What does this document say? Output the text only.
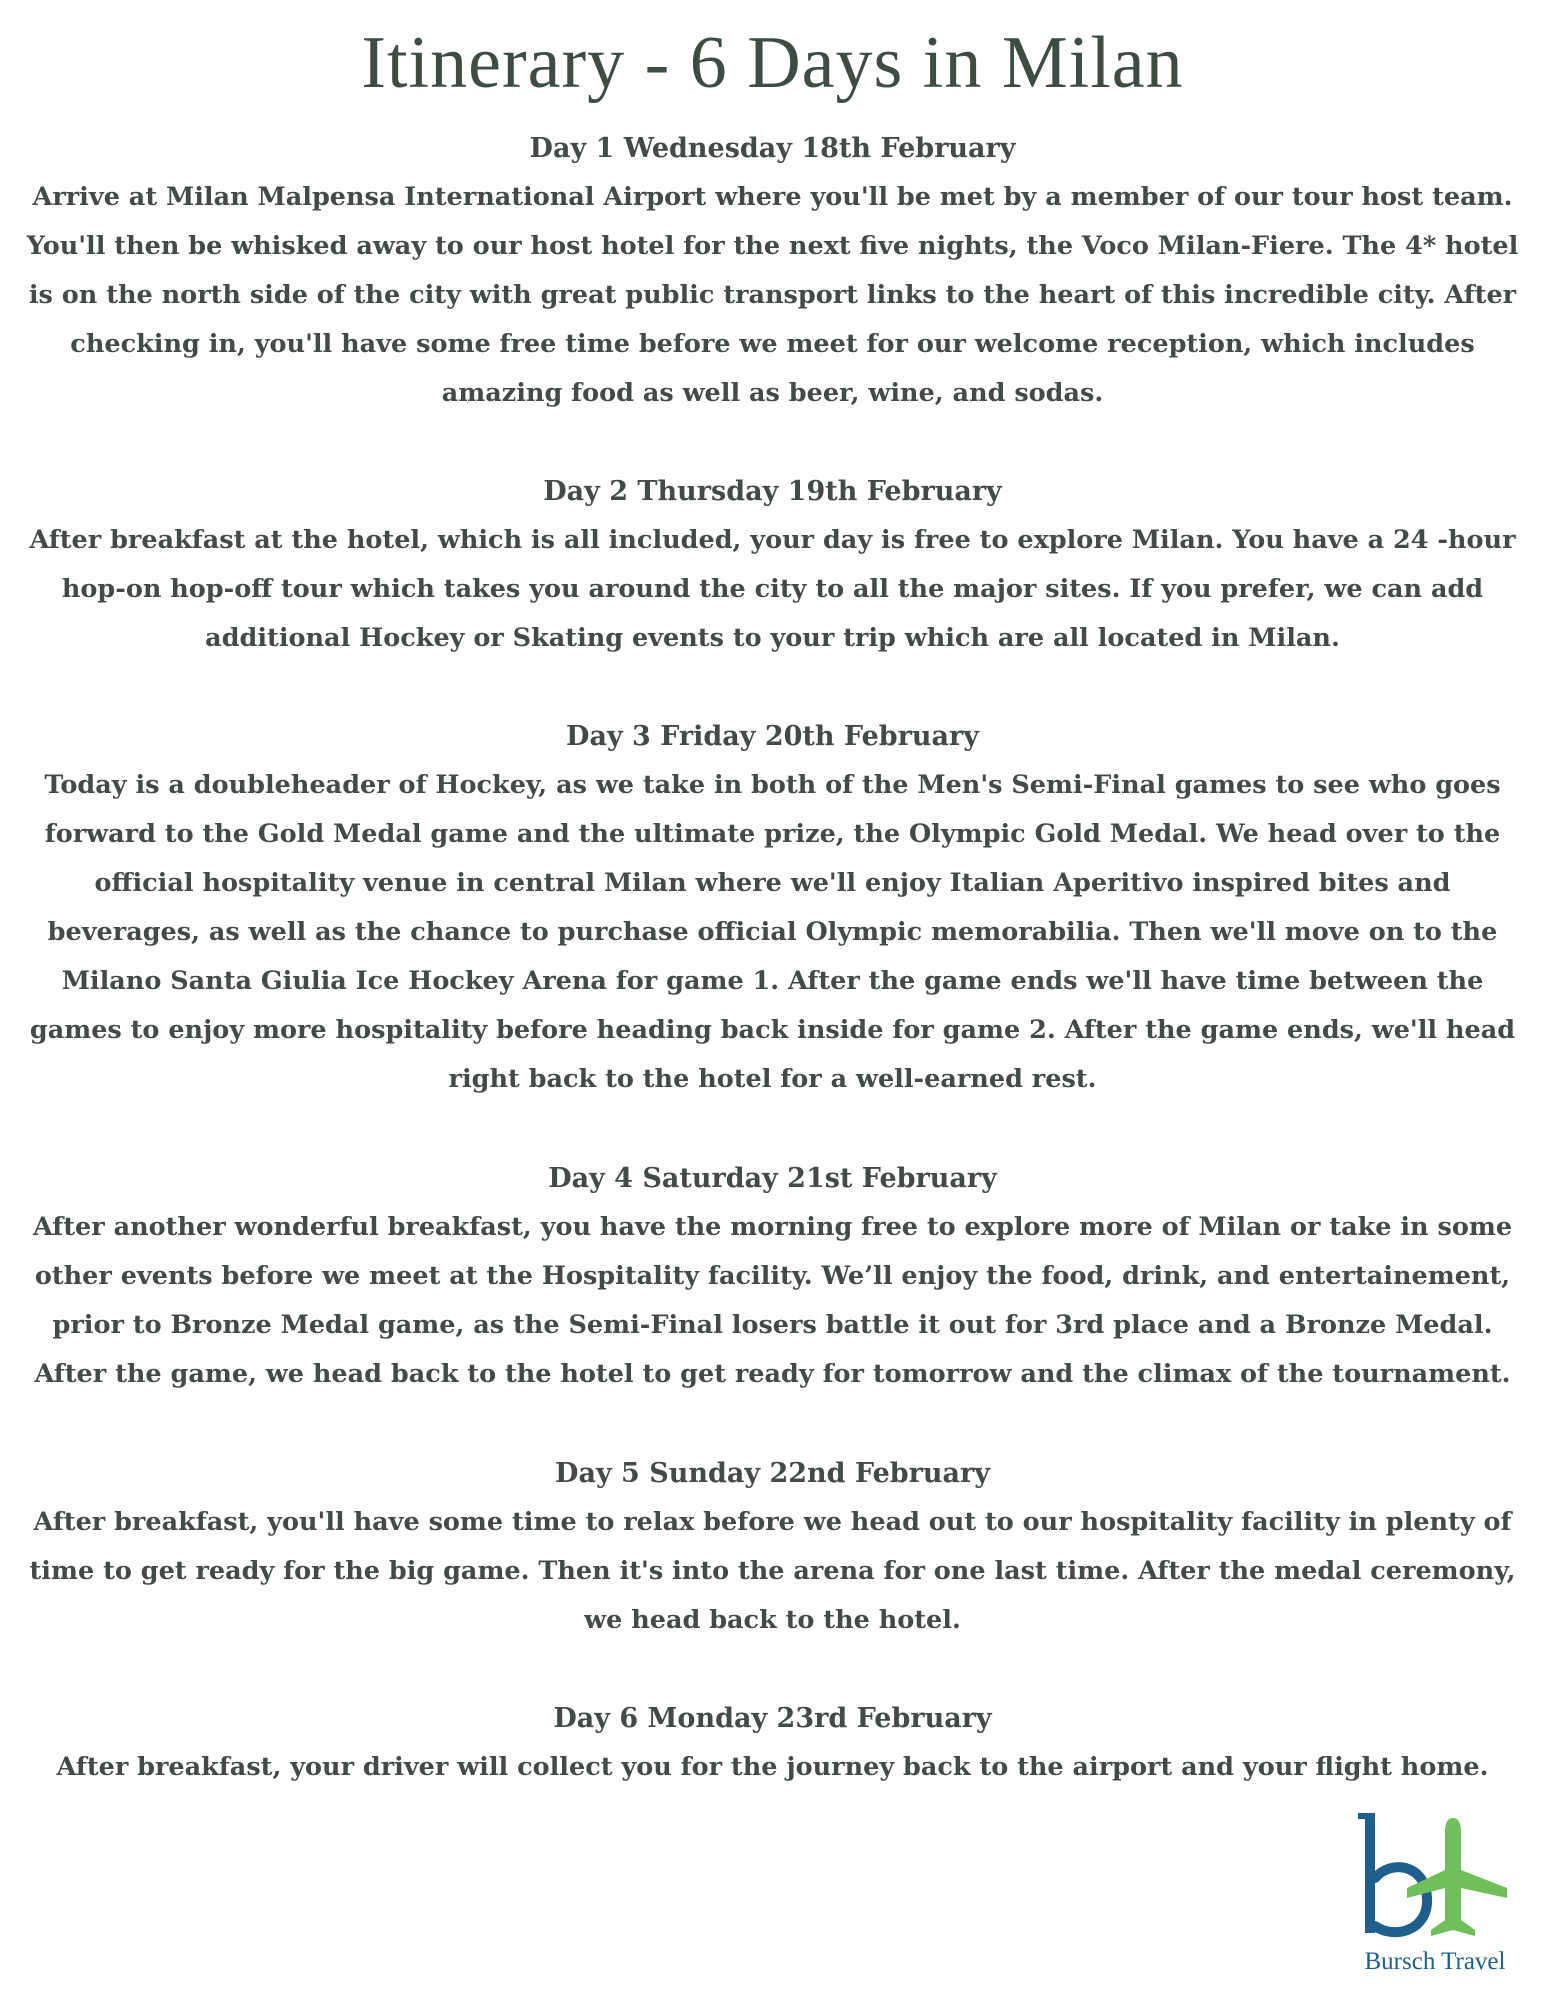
Itinerary - 6 Days in Milan
Day 1 Wednesday 18th February
Arrive at Milan Malpensa International Airport where you'll be met by a member of our tour host team. You'll then be whisked away to our host hotel for the next five nights, the Voco Milan-Fiere. The 4* hotel is on the north side of the city with great public transport links to the heart of this incredible city. After checking in, you'll have some free time before we meet for our welcome reception, which includes amazing food as well as beer, wine, and sodas.
Day 2 Thursday 19th February
After breakfast at the hotel, which is all included, your day is free to explore Milan. You have a 24 -hour hop-on hop-off tour which takes you around the city to all the major sites. If you prefer, we can add additional Hockey or Skating events to your trip which are all located in Milan.
Day 3 Friday 20th February
Today is a doubleheader of Hockey, as we take in both of the Men's Semi-Final games to see who goes forward to the Gold Medal game and the ultimate prize, the Olympic Gold Medal. We head over to the official hospitality venue in central Milan where we'll enjoy Italian Aperitivo inspired bites and beverages, as well as the chance to purchase official Olympic memorabilia. Then we'll move on to the Milano Santa Giulia Ice Hockey Arena for game 1. After the game ends we'll have time between the games to enjoy more hospitality before heading back inside for game 2. After the game ends, we'll head right back to the hotel for a well-earned rest.
Day 4 Saturday 21st February
After another wonderful breakfast, you have the morning free to explore more of Milan or take in some other events before we meet at the Hospitality facility. We’ll enjoy the food, drink, and entertainement, prior to Bronze Medal game, as the Semi-Final losers battle it out for 3rd place and a Bronze Medal. After the game, we head back to the hotel to get ready for tomorrow and the climax of the tournament.
Day 5 Sunday 22nd February
After breakfast, you'll have some time to relax before we head out to our hospitality facility in plenty of time to get ready for the big game. Then it's into the arena for one last time. After the medal ceremony, we head back to the hotel.
Day 6 Monday 23rd February
After breakfast, your driver will collect you for the journey back to the airport and your flight home.
Bursch Travel
